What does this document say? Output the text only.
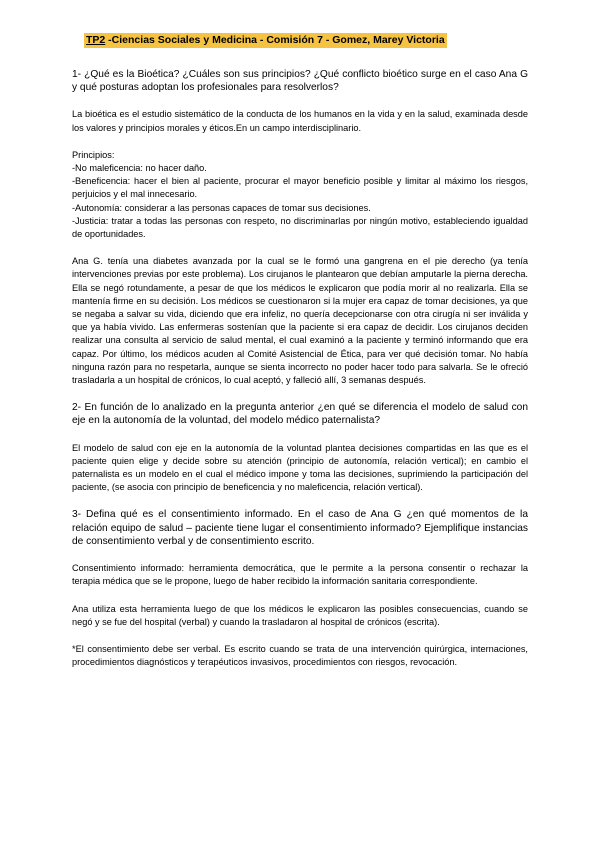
TP2 -Ciencias Sociales y Medicina - Comisión 7 - Gomez, Marey Victoria

1- ¿Qué es la Bioética? ¿Cuáles son sus principios? ¿Qué conflicto bioético surge en el caso Ana G y qué posturas adoptan los profesionales para resolverlos?

La bioética es el estudio sistemático de la conducta de los humanos en la vida y en la salud, examinada desde los valores y principios morales y éticos.En un campo interdisciplinario.

Principios:

-No maleficencia: no hacer daño.

-Beneficencia: hacer el bien al paciente, procurar el mayor beneficio posible y limitar al máximo los riesgos, perjuicios y el mal innecesario.

-Autonomía: considerar a las personas capaces de tomar sus decisiones.

-Justicia: tratar a todas las personas con respeto, no discriminarlas por ningún motivo, estableciendo igualdad de oportunidades.

Ana G. tenía una diabetes avanzada por la cual se le formó una gangrena en el pie derecho (ya tenía intervenciones previas por este problema). Los cirujanos le plantearon que debían amputarle la pierna derecha. Ella se negó rotundamente, a pesar de que los médicos le explicaron que podía morir al no realizarla. Ella se mantenía firme en su decisión. Los médicos se cuestionaron si la mujer era capaz de tomar decisiones, ya que se negaba a salvar su vida, diciendo que era infeliz, no quería decepcionarse con otra cirugía ni ser inválida y que ya había vivido. Las enfermeras sostenían que la paciente si era capaz de decidir. Los cirujanos deciden realizar una consulta al servicio de salud mental, el cual examinó a la paciente y terminó informando que era capaz. Por último, los médicos acuden al Comité Asistencial de Ética, para ver qué decisión tomar. No había ninguna razón para no respetarla, aunque se sienta incorrecto no poder hacer todo para salvarla. Se le ofreció trasladarla a un hospital de crónicos, lo cual aceptó, y falleció allí, 3 semanas después.

2- En función de lo analizado en la pregunta anterior ¿en qué se diferencia el modelo de salud con eje en la autonomía de la voluntad, del modelo médico paternalista?

El modelo de salud con eje en la autonomía de la voluntad plantea decisiones compartidas en las que es el paciente quien elige y decide sobre su atención (principio de autonomía, relación vertical); en cambio el paternalista es un modelo en el cual el médico impone y toma las decisiones, suprimiendo la participación del paciente, (se asocia con principio de beneficencia y no maleficencia, relación vertical).

3- Defina qué es el consentimiento informado. En el caso de Ana G ¿en qué momentos de la relación equipo de salud – paciente tiene lugar el consentimiento informado? Ejemplifique instancias de consentimiento verbal y de consentimiento escrito.

Consentimiento informado: herramienta democrática, que le permite a la persona consentir o rechazar la terapia médica que se le propone, luego de haber recibido la información sanitaria correspondiente.

Ana utiliza esta herramienta luego de que los médicos le explicaron las posibles consecuencias, cuando se negó y se fue del hospital (verbal) y cuando la trasladaron al hospital de crónicos (escrita).

*El consentimiento debe ser verbal. Es escrito cuando se trata de una intervención quirúrgica, internaciones, procedimientos diagnósticos y terapéuticos invasivos, procedimientos con riesgos, revocación.
